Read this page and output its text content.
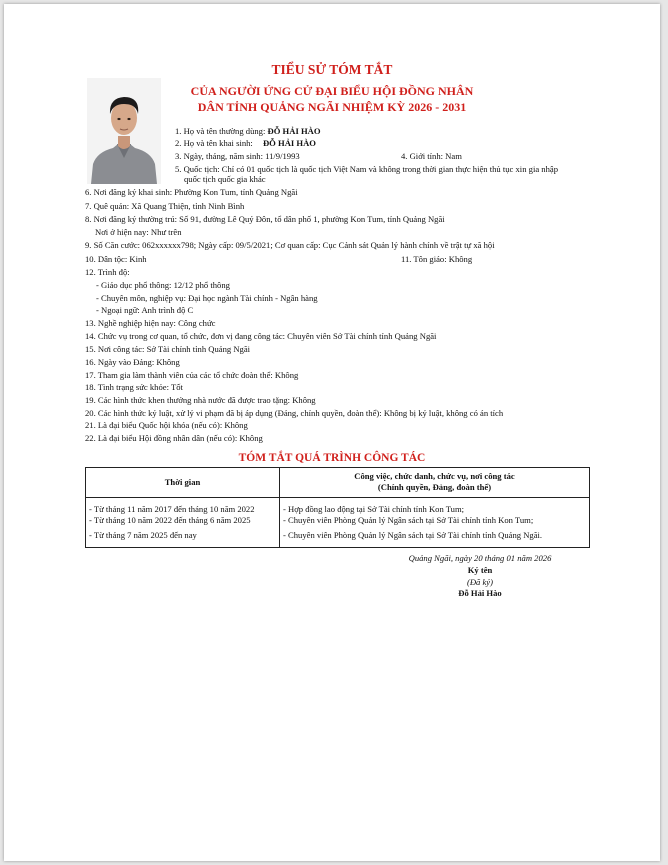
TIỂU SỬ TÓM TẮT
CỦA NGƯỜI ỨNG CỬ ĐẠI BIỂU HỘI ĐỒNG NHÂN
DÂN TỈNH QUẢNG NGÃI NHIỆM KỲ 2026 - 2031
1. Họ và tên thường dùng: ĐỖ HẢI HÀO
2. Họ và tên khai sinh: ĐỖ HẢI HÀO
3. Ngày, tháng, năm sinh: 11/9/1993	4. Giới tính: Nam
5. Quốc tịch: Chỉ có 01 quốc tịch là quốc tịch Việt Nam và không trong thời gian thực hiện thủ tục xin gia nhập
quốc tịch quốc gia khác
6. Nơi đăng ký khai sinh: Phường Kon Tum, tỉnh Quảng Ngãi
7. Quê quán: Xã Quang Thiện, tỉnh Ninh Bình
8. Nơi đăng ký thường trú: Số 91, đường Lê Quý Đôn, tổ dân phố 1, phường Kon Tum, tỉnh Quảng Ngãi
Nơi ở hiện nay: Như trên
9. Số Căn cước: 062xxxxxx798; Ngày cấp: 09/5/2021; Cơ quan cấp: Cục Cảnh sát Quản lý hành chính về trật tự xã hội
10. Dân tộc: Kinh	11. Tôn giáo: Không
12. Trình độ:
- Giáo dục phổ thông: 12/12 phổ thông
- Chuyên môn, nghiệp vụ: Đại học ngành Tài chính - Ngân hàng
- Ngoại ngữ: Anh trình độ C
13. Nghề nghiệp hiện nay: Công chức
14. Chức vụ trong cơ quan, tổ chức, đơn vị đang công tác: Chuyên viên Sở Tài chính tỉnh Quảng Ngãi
15. Nơi công tác: Sở Tài chính tỉnh Quảng Ngãi
16. Ngày vào Đảng: Không
17. Tham gia làm thành viên của các tổ chức đoàn thể: Không
18. Tình trạng sức khỏe: Tốt
19. Các hình thức khen thưởng nhà nước đã được trao tặng: Không
20. Các hình thức kỷ luật, xử lý vi phạm đã bị áp dụng (Đảng, chính quyền, đoàn thể): Không bị kỷ luật, không có án tích
21. Là đại biểu Quốc hội khóa (nếu có): Không
22. Là đại biểu Hội đồng nhân dân (nếu có): Không
TÓM TẮT QUÁ TRÌNH CÔNG TÁC
Thời gian	Công việc, chức danh, chức vụ, nơi công tác
(Chính quyền, Đảng, đoàn thể)

- Từ tháng 11 năm 2017 đến tháng 10 năm 2022	- Hợp đồng lao động tại Sở Tài chính tỉnh Kon Tum;
- Từ tháng 10 năm 2022 đến tháng 6 năm 2025	- Chuyên viên Phòng Quản lý Ngân sách tại Sở Tài chính tỉnh Kon Tum;
- Từ tháng 7 năm 2025 đến nay	- Chuyên viên Phòng Quản lý Ngân sách tại Sở Tài chính tỉnh Quảng Ngãi.
Quảng Ngãi, ngày 20 tháng 01 năm 2026
Ký tên
(Đã ký)
Đỗ Hải Hào
